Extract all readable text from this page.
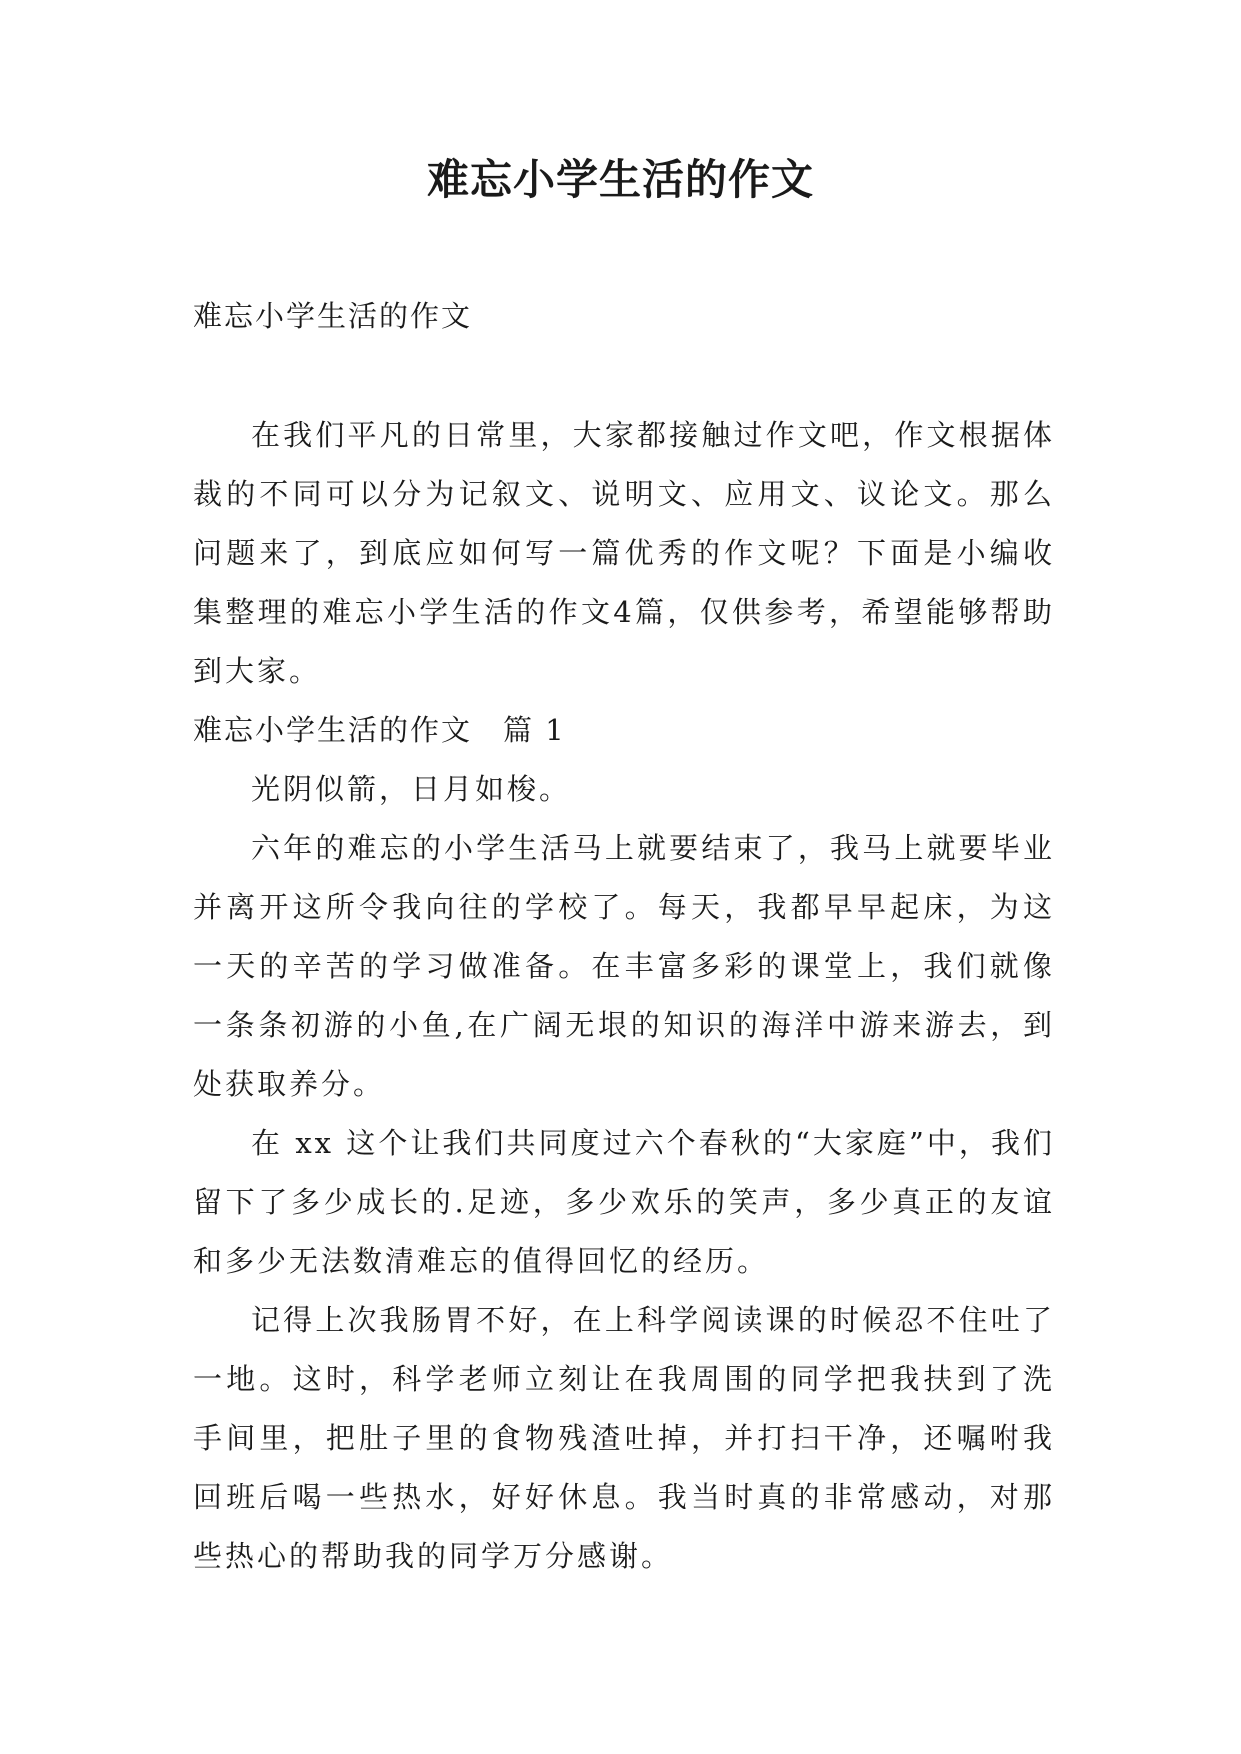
难忘小学生活的作文

难忘小学生活的作文

在我们平凡的日常里，大家都接触过作文吧，作文根据体裁的不同可以分为记叙文、说明文、应用文、议论文。那么问题来了，到底应如何写一篇优秀的作文呢？下面是小编收集整理的难忘小学生活的作文4篇，仅供参考，希望能够帮助到大家。

难忘小学生活的作文　篇 1

光阴似箭，日月如梭。

六年的难忘的小学生活马上就要结束了，我马上就要毕业并离开这所令我向往的学校了。每天，我都早早起床，为这一天的辛苦的学习做准备。在丰富多彩的课堂上，我们就像一条条初游的小鱼,在广阔无垠的知识的海洋中游来游去，到处获取养分。

在 xx 这个让我们共同度过六个春秋的“大家庭”中，我们留下了多少成长的.足迹，多少欢乐的笑声，多少真正的友谊和多少无法数清难忘的值得回忆的经历。

记得上次我肠胃不好，在上科学阅读课的时候忍不住吐了一地。这时，科学老师立刻让在我周围的同学把我扶到了洗手间里，把肚子里的食物残渣吐掉，并打扫干净，还嘱咐我回班后喝一些热水，好好休息。我当时真的非常感动，对那些热心的帮助我的同学万分感谢。
